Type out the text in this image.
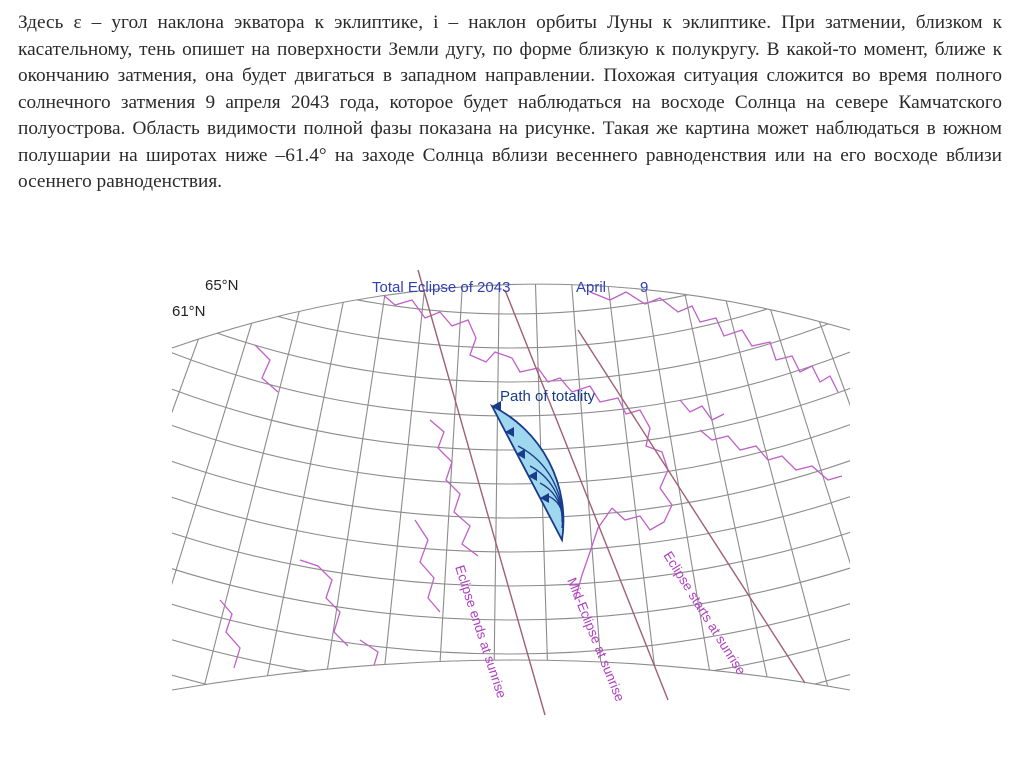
Здесь ε – угол наклона экватора к эклиптике, i – наклон орбиты Луны к эклиптике. При затмении, близком к касательному, тень опишет на поверхности Земли дугу, по форме близкую к полукругу. В какой-то момент, ближе к окончанию затмения, она будет двигаться в западном направлении. Похожая ситуация сложится во время полного солнечного затмения 9 апреля 2043 года, которое будет наблюдаться на восходе Солнца на севере Камчатского полуострова. Область видимости полной фазы показана на рисунке. Такая же картина может наблюдаться в южном полушарии на широтах ниже –61.4° на заходе Солнца вблизи весеннего равноденствия или на его восходе вблизи осеннего равноденствия.

Total Eclipse of 2043	April 9
65°N
61°N
Path of totality
Eclipse ends at sunrise	Mid-Eclipse at sunrise Eclipse starts at sunrise
